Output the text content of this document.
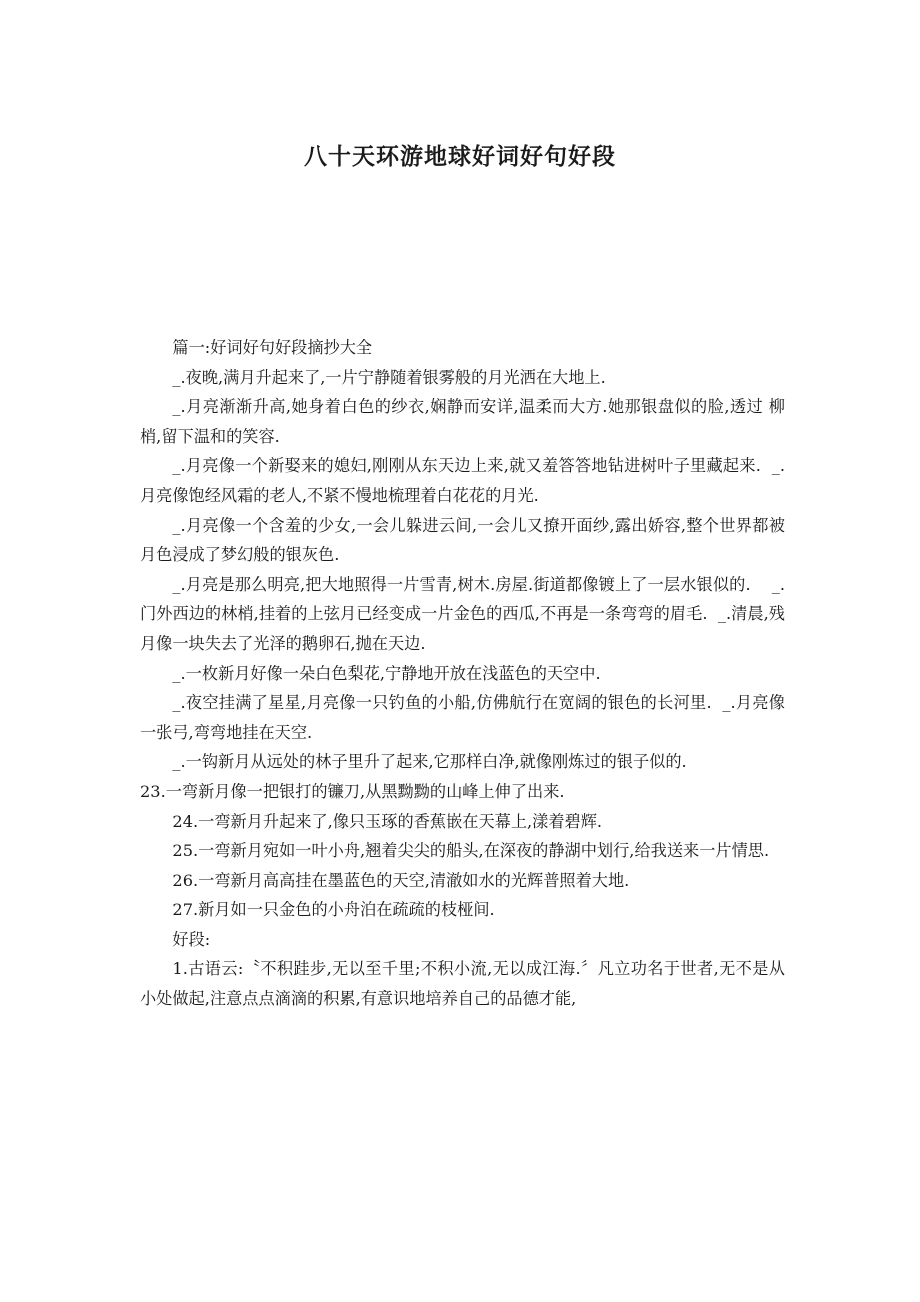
八十天环游地球好词好句好段

篇一:好词好句好段摘抄大全

_.夜晚,满月升起来了,一片宁静随着银雾般的月光洒在大地上.

_.月亮渐渐升高,她身着白色的纱衣,娴静而安详,温柔而大方.她那银盘似的脸,透过 柳梢,留下温和的笑容.

_.月亮像一个新娶来的媳妇,刚刚从东天边上来,就又羞答答地钻进树叶子里藏起来.  _.月亮像饱经风霜的老人,不紧不慢地梳理着白花花的月光.

_.月亮像一个含羞的少女,一会儿躲进云间,一会儿又撩开面纱,露出娇容,整个世界都被月色浸成了梦幻般的银灰色.

_.月亮是那么明亮,把大地照得一片雪青,树木.房屋.街道都像镀上了一层水银似的.    _.门外西边的林梢,挂着的上弦月已经变成一片金色的西瓜,不再是一条弯弯的眉毛.  _.清晨,残月像一块失去了光泽的鹅卵石,抛在天边.

_.一枚新月好像一朵白色梨花,宁静地开放在浅蓝色的天空中.

_.夜空挂满了星星,月亮像一只钓鱼的小船,仿佛航行在宽阔的银色的长河里.  _.月亮像一张弓,弯弯地挂在天空.

_.一钩新月从远处的林子里升了起来,它那样白净,就像刚炼过的银子似的.

23.一弯新月像一把银打的镰刀,从黑黝黝的山峰上伸了出来.

24.一弯新月升起来了,像只玉琢的香蕉嵌在天幕上,漾着碧辉.

25.一弯新月宛如一叶小舟,翘着尖尖的船头,在深夜的静湖中划行,给我送来一片情思.

26.一弯新月高高挂在墨蓝色的天空,清澈如水的光辉普照着大地.

27.新月如一只金色的小舟泊在疏疏的枝桠间.

好段:

1.古语云:〝不积跬步,无以至千里;不积小流,无以成江海.〞凡立功名于世者,无不是从小处做起,注意点点滴滴的积累,有意识地培养自己的品德才能,
